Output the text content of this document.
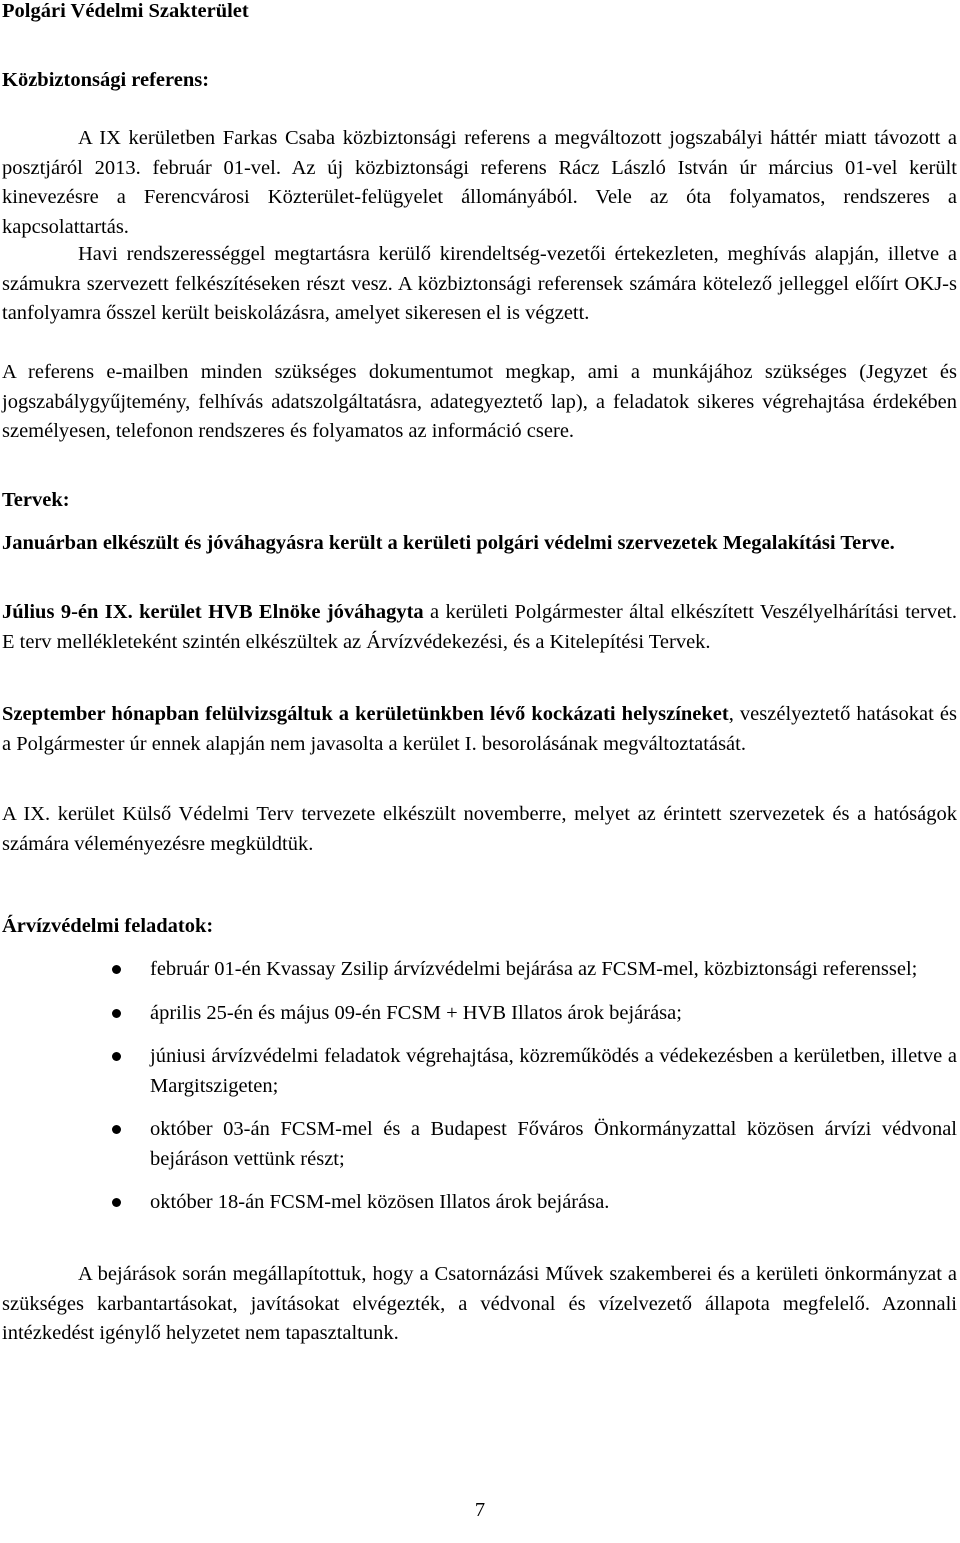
Polgári Védelmi Szakterület

Közbiztonsági referens:

A IX kerületben Farkas Csaba közbiztonsági referens a megváltozott jogszabályi háttér miatt távozott a posztjáról 2013. február 01-vel. Az új közbiztonsági referens Rácz László István úr március 01-vel került kinevezésre a Ferencvárosi Közterület-felügyelet állományából. Vele az óta folyamatos, rendszeres a kapcsolattartás.

Havi rendszerességgel megtartásra kerülő kirendeltség-vezetői értekezleten, meghívás alapján, illetve a számukra szervezett felkészítéseken részt vesz. A közbiztonsági referensek számára kötelező jelleggel előírt OKJ-s tanfolyamra ősszel került beiskolázásra, amelyet sikeresen el is végzett.

A referens e-mailben minden szükséges dokumentumot megkap, ami a munkájához szükséges (Jegyzet és jogszabálygyűjtemény, felhívás adatszolgáltatásra, adategyeztető lap), a feladatok sikeres végrehajtása érdekében személyesen, telefonon rendszeres és folyamatos az információ csere.

Tervek:

Januárban elkészült és jóváhagyásra került a kerületi polgári védelmi szervezetek Megalakítási Terve.

Július 9-én IX. kerület HVB Elnöke jóváhagyta a kerületi Polgármester által elkészített Veszélyelhárítási tervet. E terv mellékleteként szintén elkészültek az Árvízvédekezési, és a Kitelepítési Tervek.

Szeptember hónapban felülvizsgáltuk a kerületünkben lévő kockázati helyszíneket, veszélyeztető hatásokat és a Polgármester úr ennek alapján nem javasolta a kerület I. besorolásának megváltoztatását.

A IX. kerület Külső Védelmi Terv tervezete elkészült novemberre, melyet az érintett szervezetek és a hatóságok számára véleményezésre megküldtük.

Árvízvédelmi feladatok:

február 01-én Kvassay Zsilip árvízvédelmi bejárása az FCSM-mel, közbiztonsági referenssel;
április 25-én és május 09-én FCSM + HVB Illatos árok bejárása;
júniusi árvízvédelmi feladatok végrehajtása, közreműködés a védekezésben a kerületben, illetve a Margitszigeten;
október 03-án FCSM-mel és a Budapest Főváros Önkormányzattal közösen árvízi védvonal bejáráson vettünk részt;
október 18-án FCSM-mel közösen Illatos árok bejárása.

A bejárások során megállapítottuk, hogy a Csatornázási Művek szakemberei és a kerületi önkormányzat a szükséges karbantartásokat, javításokat elvégezték, a védvonal és vízelvezető állapota megfelelő. Azonnali intézkedést igénylő helyzetet nem tapasztaltunk.

7
